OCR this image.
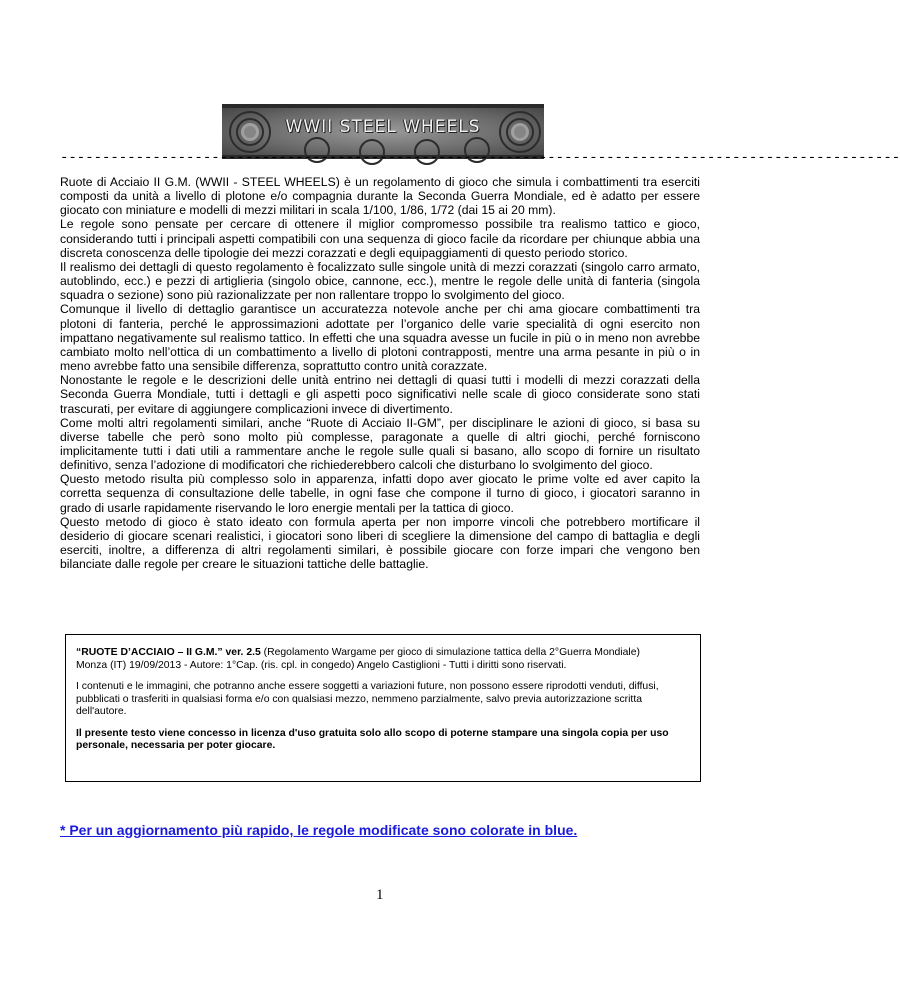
WWII STEEL WHEELS
----------------------------------------------------------------------------------------------------

Ruote di Acciaio II G.M. (WWII - STEEL WHEELS) è un regolamento di gioco che simula i combattimenti tra eserciti composti da unità a livello di plotone e/o compagnia durante la Seconda Guerra Mondiale, ed è adatto per essere giocato con miniature e modelli di mezzi militari in scala 1/100, 1/86, 1/72 (dai 15 ai 20 mm).

Le regole sono pensate per cercare di ottenere il miglior compromesso possibile tra realismo tattico e gioco, considerando tutti i principali aspetti compatibili con una sequenza di gioco facile da ricordare per chiunque abbia una discreta conoscenza delle tipologie dei mezzi corazzati e degli equipaggiamenti di questo periodo storico.

Il realismo dei dettagli di questo regolamento è focalizzato sulle singole unità di mezzi corazzati (singolo carro armato, autoblindo, ecc.) e pezzi di artiglieria (singolo obice, cannone, ecc.), mentre le regole delle unità di fanteria (singola squadra o sezione) sono più razionalizzate per non rallentare troppo lo svolgimento del gioco.

Comunque il livello di dettaglio garantisce un accuratezza notevole anche per chi ama giocare combattimenti tra plotoni di fanteria, perché le approssimazioni adottate per l’organico delle varie specialità di ogni esercito non impattano negativamente sul realismo tattico. In effetti che una squadra avesse un fucile in più o in meno non avrebbe cambiato molto nell’ottica di un combattimento a livello di plotoni contrapposti, mentre una arma pesante in più o in meno avrebbe fatto una sensibile differenza, soprattutto contro unità corazzate.

Nonostante le regole e le descrizioni delle unità entrino nei dettagli di quasi tutti i modelli di mezzi corazzati della Seconda Guerra Mondiale, tutti i dettagli e gli aspetti poco significativi nelle scale di gioco considerate sono stati trascurati, per evitare di aggiungere complicazioni invece di divertimento.

Come molti altri regolamenti similari, anche “Ruote di Acciaio II-GM”, per disciplinare le azioni di gioco, si basa su diverse tabelle che però sono molto più complesse, paragonate a quelle di altri giochi, perché forniscono implicitamente tutti i dati utili a rammentare anche le regole sulle quali si basano, allo scopo di fornire un risultato definitivo, senza l’adozione di modificatori che richiederebbero calcoli che disturbano lo svolgimento del gioco.

Questo metodo risulta più complesso solo in apparenza, infatti dopo aver giocato le prime volte ed aver capito la corretta sequenza di consultazione delle tabelle, in ogni fase che compone il turno di gioco, i giocatori saranno in grado di usarle rapidamente riservando le loro energie mentali per la tattica di gioco.

Questo metodo di gioco è stato ideato con formula aperta per non imporre vincoli che potrebbero mortificare il desiderio di giocare scenari realistici, i giocatori sono liberi di scegliere la dimensione del campo di battaglia e degli eserciti, inoltre, a differenza di altri regolamenti similari, è possibile giocare con forze impari che vengono ben bilanciate dalle regole per creare le situazioni tattiche delle battaglie.

“RUOTE D’ACCIAIO – II G.M.” ver. 2.5 (Regolamento Wargame per gioco di simulazione tattica della 2°Guerra Mondiale)
Monza (IT) 19/09/2013 - Autore: 1°Cap. (ris. cpl. in congedo) Angelo Castiglioni - Tutti i diritti sono riservati.

I contenuti e le immagini, che potranno anche essere soggetti a variazioni future, non possono essere riprodotti venduti, diffusi, pubblicati o trasferiti in qualsiasi forma e/o con qualsiasi mezzo, nemmeno parzialmente, salvo previa autorizzazione scritta dell'autore.

Il presente testo viene concesso in licenza d'uso gratuita solo allo scopo di poterne stampare una singola copia per uso personale, necessaria per poter giocare.

* Per un aggiornamento più rapido, le regole modificate sono colorate in blue.
1
